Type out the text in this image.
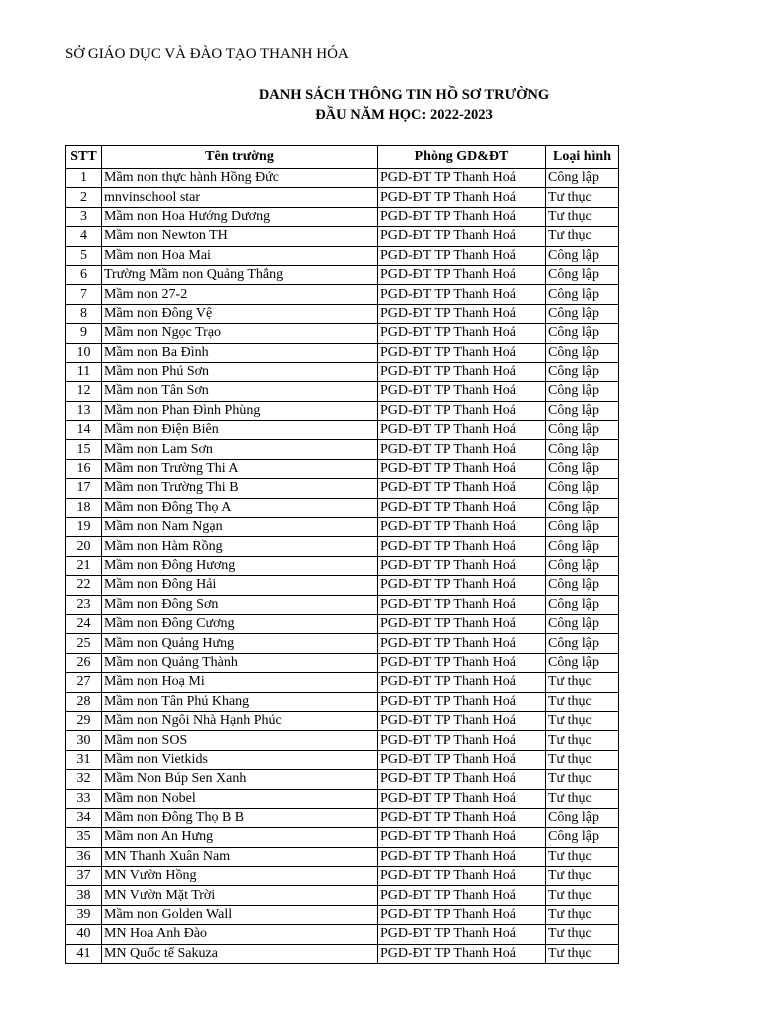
SỞ GIÁO DỤC VÀ ĐÀO TẠO THANH HÓA
DANH SÁCH THÔNG TIN HỒ SƠ TRƯỜNG
ĐẦU NĂM HỌC: 2022-2023
STT	Tên trường	Phòng GD&ĐT	Loại hình
1	Mầm non thực hành Hồng Đức	PGD-ĐT TP Thanh Hoá	Công lập
2	mnvinschool star	PGD-ĐT TP Thanh Hoá	Tư thục
3	Mầm non Hoa Hướng Dương	PGD-ĐT TP Thanh Hoá	Tư thục
4	Mầm non Newton TH	PGD-ĐT TP Thanh Hoá	Tư thục
5	Mầm non Hoa Mai	PGD-ĐT TP Thanh Hoá	Công lập
6	Trường Mầm non Quảng Thắng	PGD-ĐT TP Thanh Hoá	Công lập
7	Mầm non 27-2	PGD-ĐT TP Thanh Hoá	Công lập
8	Mầm non Đông Vệ	PGD-ĐT TP Thanh Hoá	Công lập
9	Mầm non Ngọc Trạo	PGD-ĐT TP Thanh Hoá	Công lập
10	Mầm non Ba Đình	PGD-ĐT TP Thanh Hoá	Công lập
11	Mầm non Phú Sơn	PGD-ĐT TP Thanh Hoá	Công lập
12	Mầm non Tân Sơn	PGD-ĐT TP Thanh Hoá	Công lập
13	Mầm non Phan Đình Phùng	PGD-ĐT TP Thanh Hoá	Công lập
14	Mầm non Điện Biên	PGD-ĐT TP Thanh Hoá	Công lập
15	Mầm non Lam Sơn	PGD-ĐT TP Thanh Hoá	Công lập
16	Mầm non Trường Thi A	PGD-ĐT TP Thanh Hoá	Công lập
17	Mầm non Trường Thi B	PGD-ĐT TP Thanh Hoá	Công lập
18	Mầm non Đông Thọ A	PGD-ĐT TP Thanh Hoá	Công lập
19	Mầm non Nam Ngạn	PGD-ĐT TP Thanh Hoá	Công lập
20	Mầm non Hàm Rồng	PGD-ĐT TP Thanh Hoá	Công lập
21	Mầm non Đông Hương	PGD-ĐT TP Thanh Hoá	Công lập
22	Mầm non Đông Hải	PGD-ĐT TP Thanh Hoá	Công lập
23	Mầm non Đông Sơn	PGD-ĐT TP Thanh Hoá	Công lập
24	Mầm non Đông Cương	PGD-ĐT TP Thanh Hoá	Công lập
25	Mầm non Quảng Hưng	PGD-ĐT TP Thanh Hoá	Công lập
26	Mầm non Quảng Thành	PGD-ĐT TP Thanh Hoá	Công lập
27	Mầm non Hoạ Mi	PGD-ĐT TP Thanh Hoá	Tư thục
28	Mầm non Tân Phú Khang	PGD-ĐT TP Thanh Hoá	Tư thục
29	Mầm non Ngôi Nhà Hạnh Phúc	PGD-ĐT TP Thanh Hoá	Tư thục
30	Mầm non SOS	PGD-ĐT TP Thanh Hoá	Tư thục
31	Mầm non Vietkids	PGD-ĐT TP Thanh Hoá	Tư thục
32	Mầm Non Búp Sen Xanh	PGD-ĐT TP Thanh Hoá	Tư thục
33	Mầm non Nobel	PGD-ĐT TP Thanh Hoá	Tư thục
34	Mầm non Đông Thọ B B	PGD-ĐT TP Thanh Hoá	Công lập
35	Mầm non An Hưng	PGD-ĐT TP Thanh Hoá	Công lập
36	MN Thanh Xuân Nam	PGD-ĐT TP Thanh Hoá	Tư thục
37	MN Vườn Hồng	PGD-ĐT TP Thanh Hoá	Tư thục
38	MN Vườn Mặt Trời	PGD-ĐT TP Thanh Hoá	Tư thục
39	Mầm non Golden Wall	PGD-ĐT TP Thanh Hoá	Tư thục
40	MN Hoa Anh Đào	PGD-ĐT TP Thanh Hoá	Tư thục
41	MN Quốc tế Sakuza	PGD-ĐT TP Thanh Hoá	Tư thục
